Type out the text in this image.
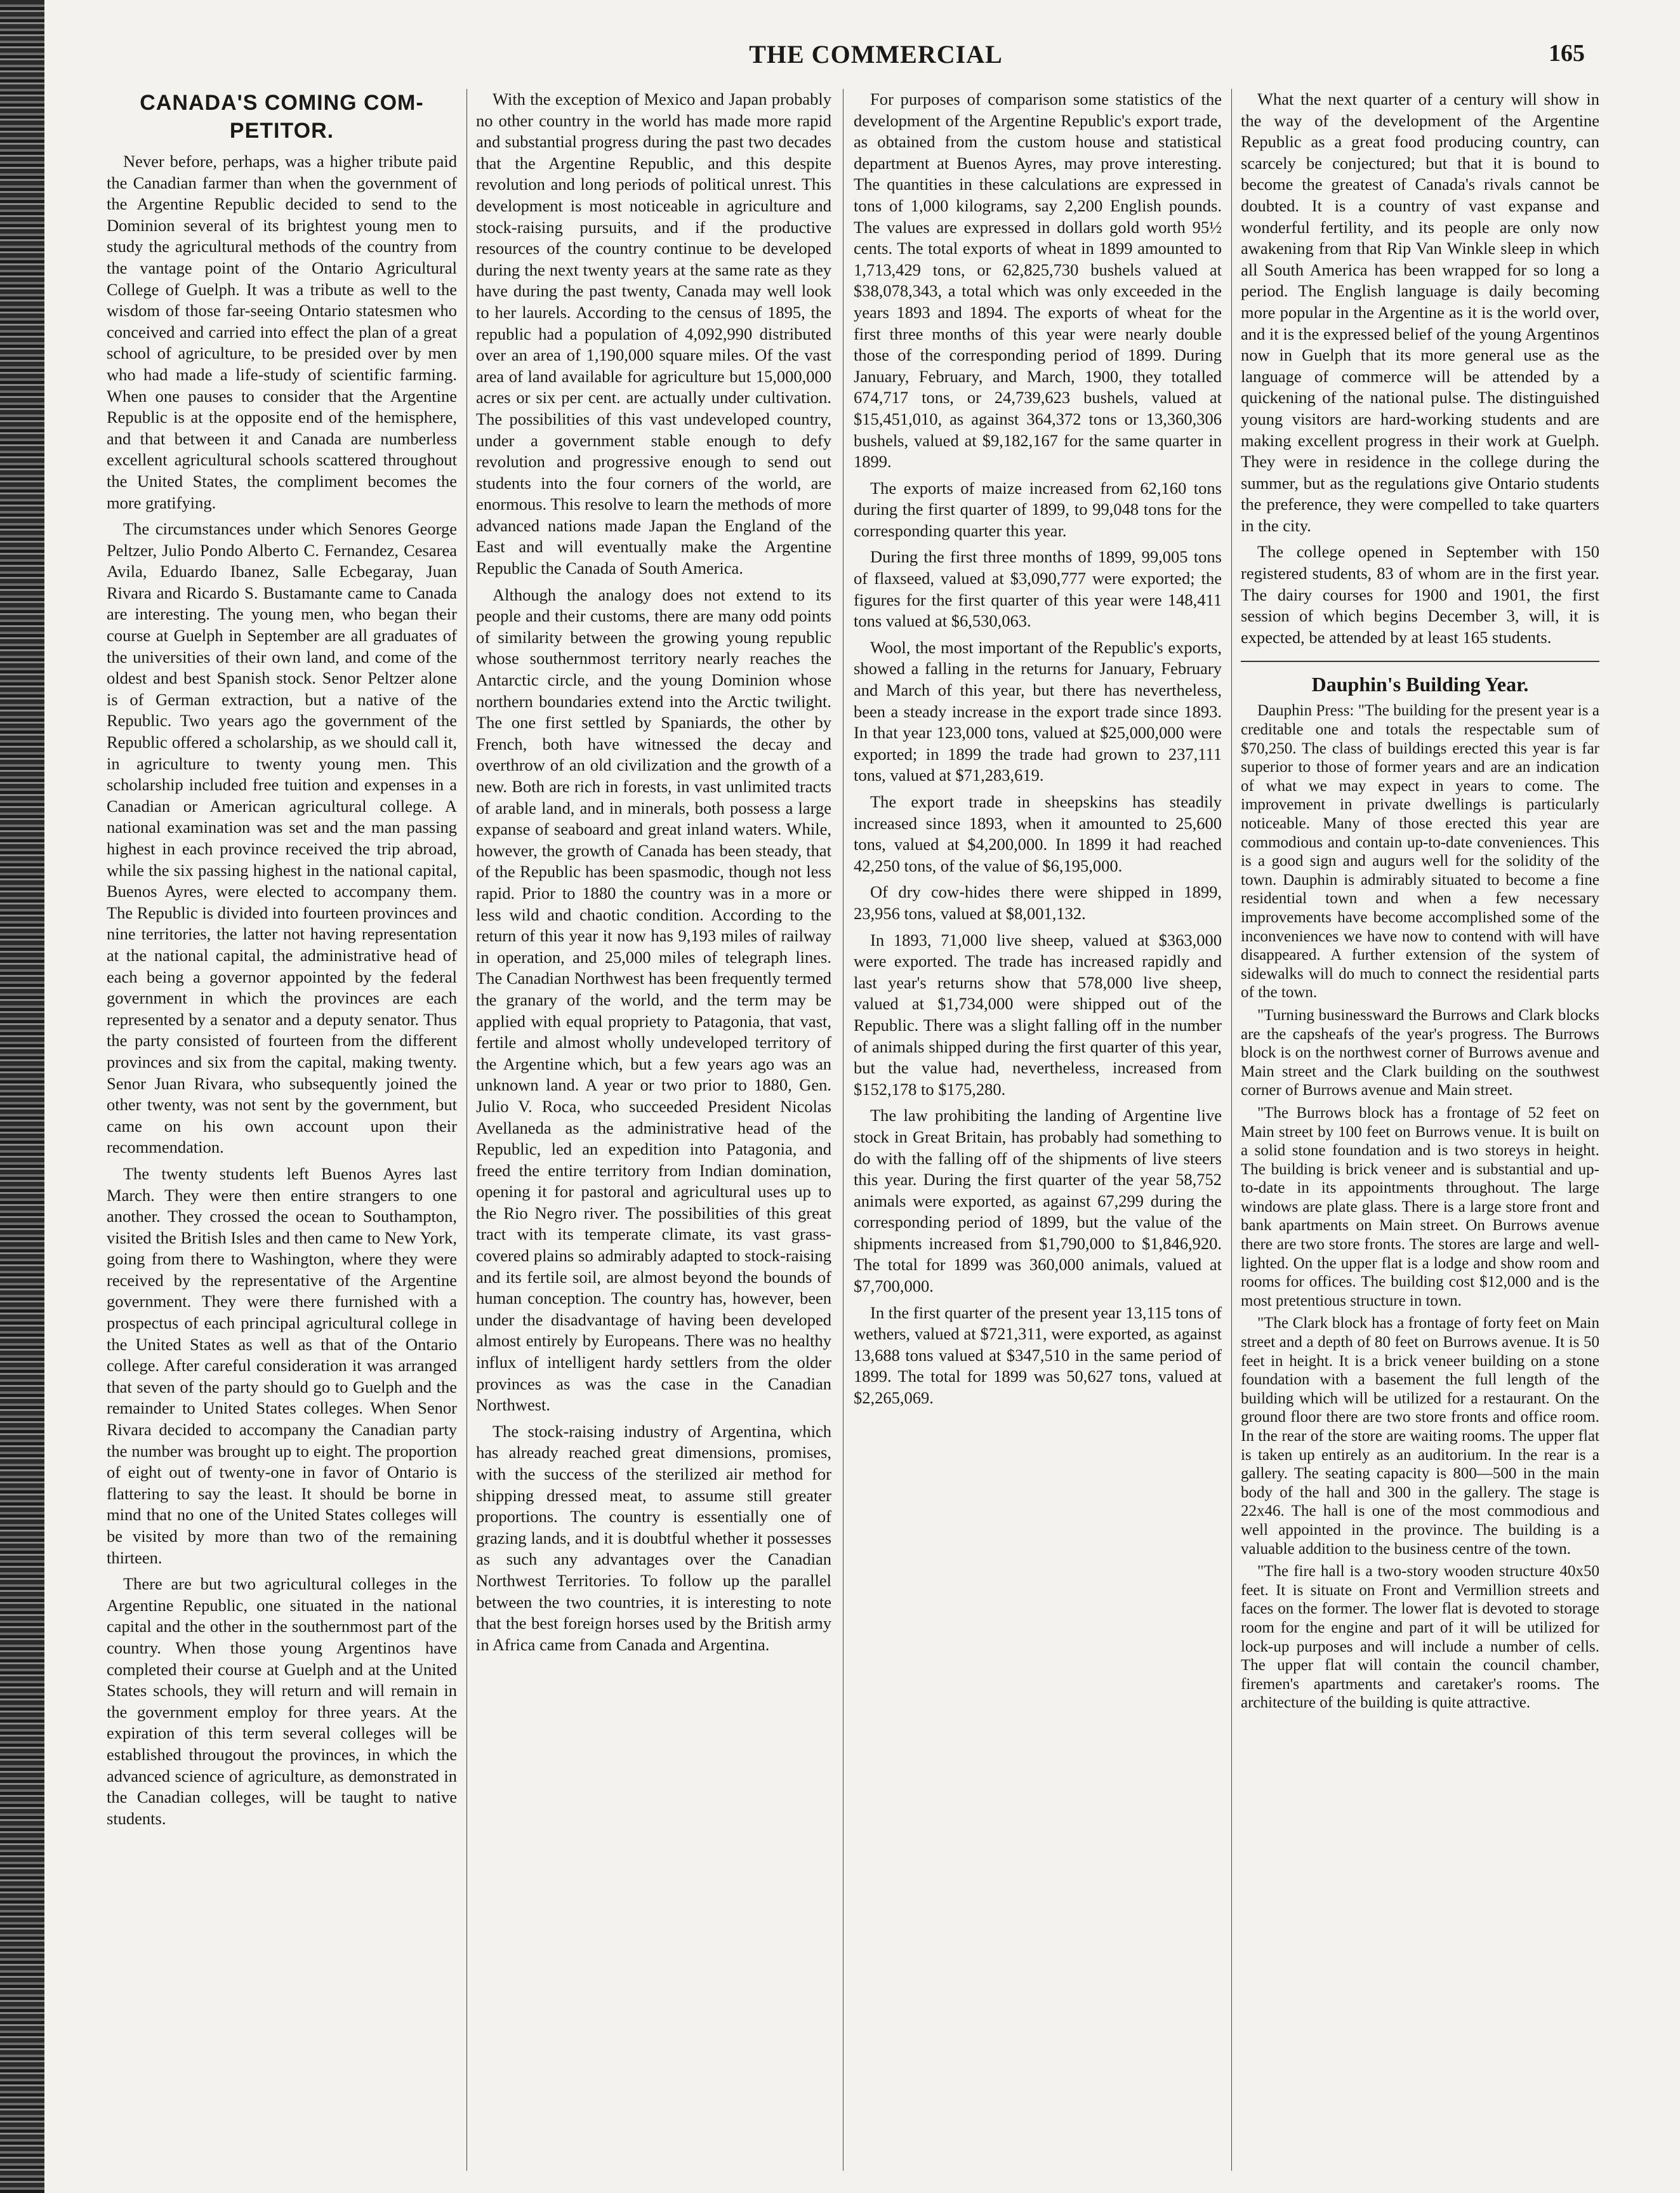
THE COMMERCIAL	165
CANADA'S COMING COM-PETITOR.

Never before, perhaps, was a higher tribute paid the Canadian farmer than when the government of the Argentine Republic decided to send to the Dominion several of its brightest young men to study the agricultural methods of the country from the vantage point of the Ontario Agricultural College of Guelph. It was a tribute as well to the wisdom of those far-seeing Ontario statesmen who conceived and carried into effect the plan of a great school of agriculture, to be presided over by men who had made a life-study of scientific farming. When one pauses to consider that the Argentine Republic is at the opposite end of the hemisphere, and that between it and Canada are numberless excellent agricultural schools scattered throughout the United States, the compliment becomes the more gratifying.

The circumstances under which Senores George Peltzer, Julio Pondo Alberto C. Fernandez, Cesarea Avila, Eduardo Ibanez, Salle Ecbegaray, Juan Rivara and Ricardo S. Bustamante came to Canada are interesting. The young men, who began their course at Guelph in September are all graduates of the universities of their own land, and come of the oldest and best Spanish stock. Senor Peltzer alone is of German extraction, but a native of the Republic. Two years ago the government of the Republic offered a scholarship, as we should call it, in agriculture to twenty young men. This scholarship included free tuition and expenses in a Canadian or American agricultural college. A national examination was set and the man passing highest in each province received the trip abroad, while the six passing highest in the national capital, Buenos Ayres, were elected to accompany them. The Republic is divided into fourteen provinces and nine territories, the latter not having representation at the national capital, the administrative head of each being a governor appointed by the federal government in which the provinces are each represented by a senator and a deputy senator. Thus the party consisted of fourteen from the different provinces and six from the capital, making twenty. Senor Juan Rivara, who subsequently joined the other twenty, was not sent by the government, but came on his own account upon their recommendation.

The twenty students left Buenos Ayres last March. They were then entire strangers to one another. They crossed the ocean to Southampton, visited the British Isles and then came to New York, going from there to Washington, where they were received by the representative of the Argentine government. They were there furnished with a prospectus of each principal agricultural college in the United States as well as that of the Ontario college. After careful consideration it was arranged that seven of the party should go to Guelph and the remainder to United States colleges. When Senor Rivara decided to accompany the Canadian party the number was brought up to eight. The proportion of eight out of twenty-one in favor of Ontario is flattering to say the least. It should be borne in mind that no one of the United States colleges will be visited by more than two of the remaining thirteen.

There are but two agricultural colleges in the Argentine Republic, one situated in the national capital and the other in the southernmost part of the country. When those young Argentinos have completed their course at Guelph and at the United States schools, they will return and will remain in the government employ for three years. At the expiration of this term several colleges will be established througout the provinces, in which the advanced science of agriculture, as demonstrated in the Canadian colleges, will be taught to native students.

With the exception of Mexico and Japan probably no other country in the world has made more rapid and substantial progress during the past two decades that the Argentine Republic, and this despite revolution and long periods of political unrest. This development is most noticeable in agriculture and stock-raising pursuits, and if the productive resources of the country continue to be developed during the next twenty years at the same rate as they have during the past twenty, Canada may well look to her laurels. According to the census of 1895, the republic had a population of 4,092,990 distributed over an area of 1,190,000 square miles. Of the vast area of land available for agriculture but 15,000,000 acres or six per cent. are actually under cultivation. The possibilities of this vast undeveloped country, under a government stable enough to defy revolution and progressive enough to send out students into the four corners of the world, are enormous. This resolve to learn the methods of more advanced nations made Japan the England of the East and will eventually make the Argentine Republic the Canada of South America.

Although the analogy does not extend to its people and their customs, there are many odd points of similarity between the growing young republic whose southernmost territory nearly reaches the Antarctic circle, and the young Dominion whose northern boundaries extend into the Arctic twilight. The one first settled by Spaniards, the other by French, both have witnessed the decay and overthrow of an old civilization and the growth of a new. Both are rich in forests, in vast unlimited tracts of arable land, and in minerals, both possess a large expanse of seaboard and great inland waters. While, however, the growth of Canada has been steady, that of the Republic has been spasmodic, though not less rapid. Prior to 1880 the country was in a more or less wild and chaotic condition. According to the return of this year it now has 9,193 miles of railway in operation, and 25,000 miles of telegraph lines. The Canadian Northwest has been frequently termed the granary of the world, and the term may be applied with equal propriety to Patagonia, that vast, fertile and almost wholly undeveloped territory of the Argentine which, but a few years ago was an unknown land. A year or two prior to 1880, Gen. Julio V. Roca, who succeeded President Nicolas Avellaneda as the administrative head of the Republic, led an expedition into Patagonia, and freed the entire territory from Indian domination, opening it for pastoral and agricultural uses up to the Rio Negro river. The possibilities of this great tract with its temperate climate, its vast grass-covered plains so admirably adapted to stock-raising and its fertile soil, are almost beyond the bounds of human conception. The country has, however, been under the disadvantage of having been developed almost entirely by Europeans. There was no healthy influx of intelligent hardy settlers from the older provinces as was the case in the Canadian Northwest.

The stock-raising industry of Argentina, which has already reached great dimensions, promises, with the success of the sterilized air method for shipping dressed meat, to assume still greater proportions. The country is essentially one of grazing lands, and it is doubtful whether it possesses as such any advantages over the Canadian Northwest Territories. To follow up the parallel between the two countries, it is interesting to note that the best foreign horses used by the British army in Africa came from Canada and Argentina.

For purposes of comparison some statistics of the development of the Argentine Republic's export trade, as obtained from the custom house and statistical department at Buenos Ayres, may prove interesting. The quantities in these calculations are expressed in tons of 1,000 kilograms, say 2,200 English pounds. The values are expressed in dollars gold worth 95½ cents. The total exports of wheat in 1899 amounted to 1,713,429 tons, or 62,825,730 bushels valued at $38,078,343, a total which was only exceeded in the years 1893 and 1894. The exports of wheat for the first three months of this year were nearly double those of the corresponding period of 1899. During January, February, and March, 1900, they totalled 674,717 tons, or 24,739,623 bushels, valued at $15,451,010, as against 364,372 tons or 13,360,306 bushels, valued at $9,182,167 for the same quarter in 1899.

The exports of maize increased from 62,160 tons during the first quarter of 1899, to 99,048 tons for the corresponding quarter this year.

During the first three months of 1899, 99,005 tons of flaxseed, valued at $3,090,777 were exported; the figures for the first quarter of this year were 148,411 tons valued at $6,530,063.

Wool, the most important of the Republic's exports, showed a falling in the returns for January, February and March of this year, but there has nevertheless, been a steady increase in the export trade since 1893. In that year 123,000 tons, valued at $25,000,000 were exported; in 1899 the trade had grown to 237,111 tons, valued at $71,283,619.

The export trade in sheepskins has steadily increased since 1893, when it amounted to 25,600 tons, valued at $4,200,000. In 1899 it had reached 42,250 tons, of the value of $6,195,000.

Of dry cow-hides there were shipped in 1899, 23,956 tons, valued at $8,001,132.

In 1893, 71,000 live sheep, valued at $363,000 were exported. The trade has increased rapidly and last year's returns show that 578,000 live sheep, valued at $1,734,000 were shipped out of the Republic. There was a slight falling off in the number of animals shipped during the first quarter of this year, but the value had, nevertheless, increased from $152,178 to $175,280.

The law prohibiting the landing of Argentine live stock in Great Britain, has probably had something to do with the falling off of the shipments of live steers this year. During the first quarter of the year 58,752 animals were exported, as against 67,299 during the corresponding period of 1899, but the value of the shipments increased from $1,790,000 to $1,846,920. The total for 1899 was 360,000 animals, valued at $7,700,000.

In the first quarter of the present year 13,115 tons of wethers, valued at $721,311, were exported, as against 13,688 tons valued at $347,510 in the same period of 1899. The total for 1899 was 50,627 tons, valued at $2,265,069.

What the next quarter of a century will show in the way of the development of the Argentine Republic as a great food producing country, can scarcely be conjectured; but that it is bound to become the greatest of Canada's rivals cannot be doubted. It is a country of vast expanse and wonderful fertility, and its people are only now awakening from that Rip Van Winkle sleep in which all South America has been wrapped for so long a period. The English language is daily becoming more popular in the Argentine as it is the world over, and it is the expressed belief of the young Argentinos now in Guelph that its more general use as the language of commerce will be attended by a quickening of the national pulse. The distinguished young visitors are hard-working students and are making excellent progress in their work at Guelph. They were in residence in the college during the summer, but as the regulations give Ontario students the preference, they were compelled to take quarters in the city.

The college opened in September with 150 registered students, 83 of whom are in the first year. The dairy courses for 1900 and 1901, the first session of which begins December 3, will, it is expected, be attended by at least 165 students.

Dauphin's Building Year.

Dauphin Press: "The building for the present year is a creditable one and totals the respectable sum of $70,250. The class of buildings erected this year is far superior to those of former years and are an indication of what we may expect in years to come. The improvement in private dwellings is particularly noticeable. Many of those erected this year are commodious and contain up-to-date conveniences. This is a good sign and augurs well for the solidity of the town. Dauphin is admirably situated to become a fine residential town and when a few necessary improvements have become accomplished some of the inconveniences we have now to contend with will have disappeared. A further extension of the system of sidewalks will do much to connect the residential parts of the town.

"Turning businessward the Burrows and Clark blocks are the capsheafs of the year's progress. The Burrows block is on the northwest corner of Burrows avenue and Main street and the Clark building on the southwest corner of Burrows avenue and Main street.

"The Burrows block has a frontage of 52 feet on Main street by 100 feet on Burrows venue. It is built on a solid stone foundation and is two storeys in height. The building is brick veneer and is substantial and up-to-date in its appointments throughout. The large windows are plate glass. There is a large store front and bank apartments on Main street. On Burrows avenue there are two store fronts. The stores are large and well-lighted. On the upper flat is a lodge and show room and rooms for offices. The building cost $12,000 and is the most pretentious structure in town.

"The Clark block has a frontage of forty feet on Main street and a depth of 80 feet on Burrows avenue. It is 50 feet in height. It is a brick veneer building on a stone foundation with a basement the full length of the building which will be utilized for a restaurant. On the ground floor there are two store fronts and office room. In the rear of the store are waiting rooms. The upper flat is taken up entirely as an auditorium. In the rear is a gallery. The seating capacity is 800—500 in the main body of the hall and 300 in the gallery. The stage is 22x46. The hall is one of the most commodious and well appointed in the province. The building is a valuable addition to the business centre of the town.

"The fire hall is a two-story wooden structure 40x50 feet. It is situate on Front and Vermillion streets and faces on the former. The lower flat is devoted to storage room for the engine and part of it will be utilized for lock-up purposes and will include a number of cells. The upper flat will contain the council chamber, firemen's apartments and caretaker's rooms. The architecture of the building is quite attractive.
